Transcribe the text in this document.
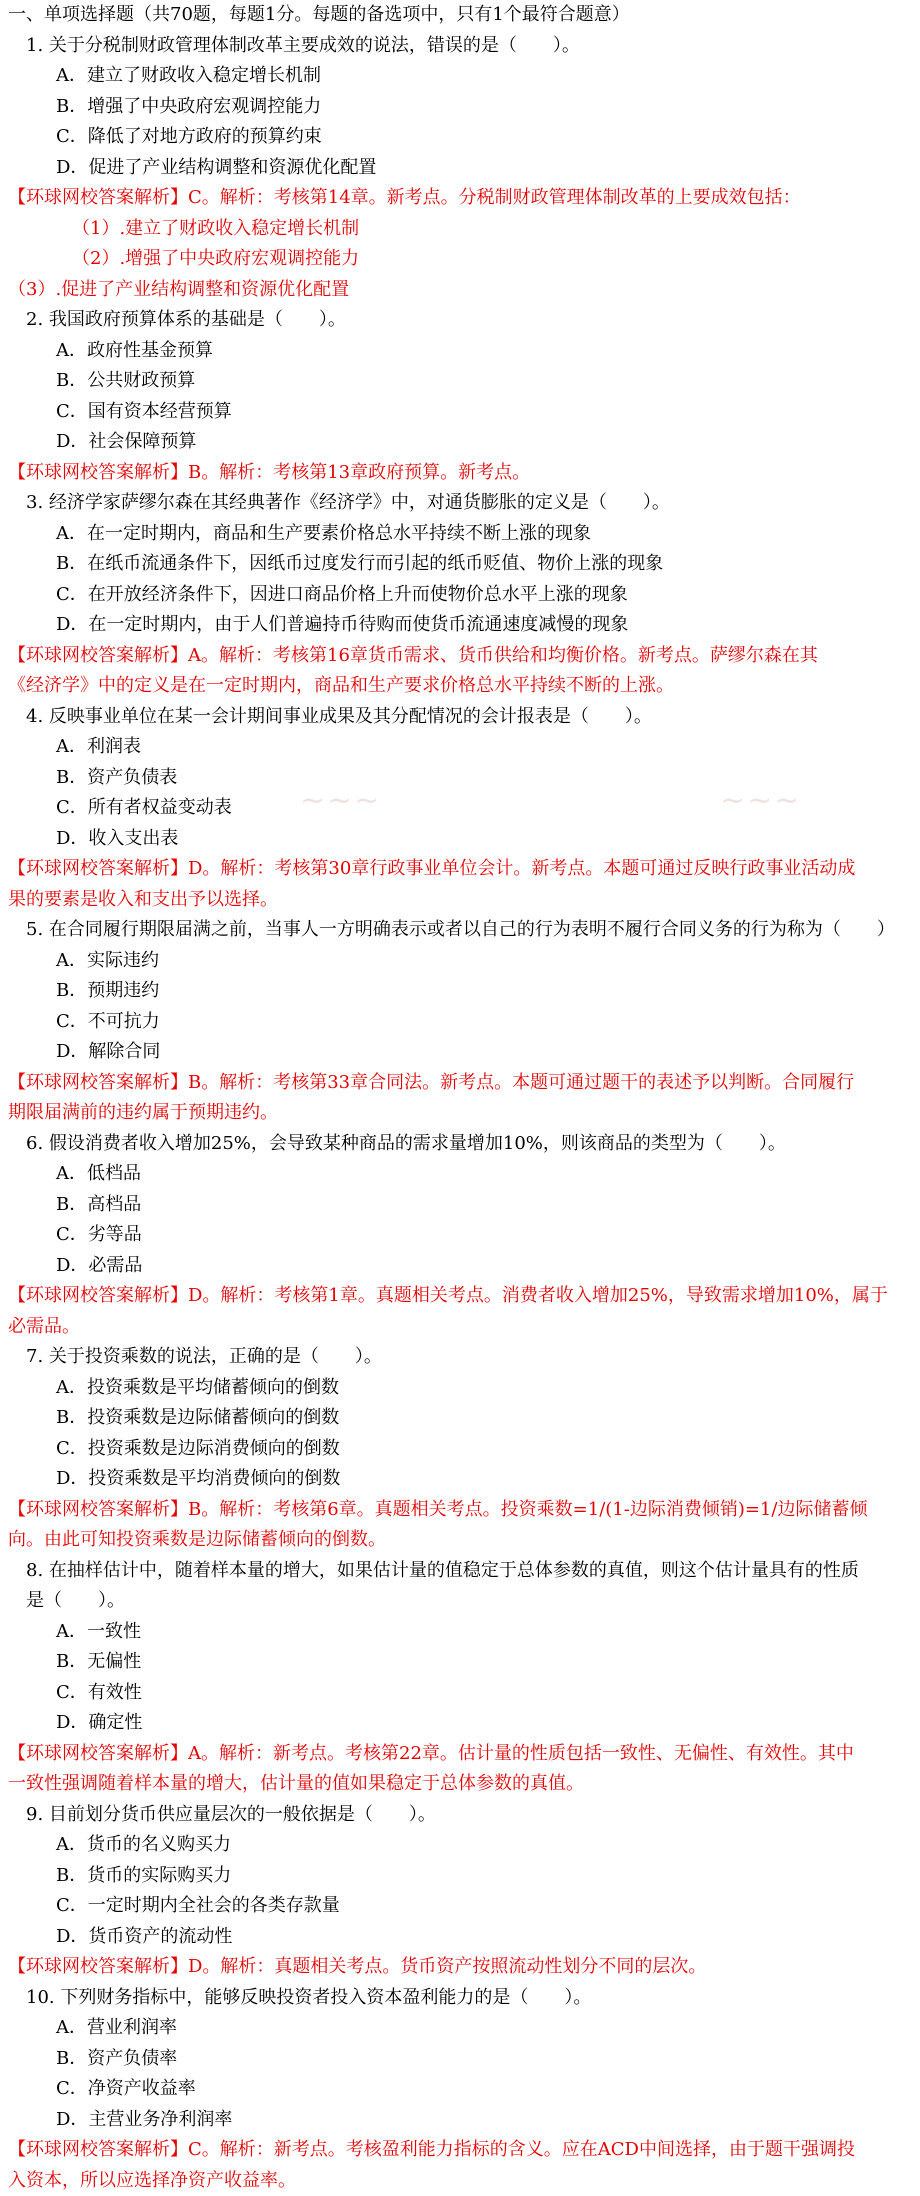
一、单项选择题（共70题，每题1分。每题的备选项中，只有1个最符合题意）
1. 关于分税制财政管理体制改革主要成效的说法，错误的是（　　）。
A．建立了财政收入稳定增长机制
B．增强了中央政府宏观调控能力
C．降低了对地方政府的预算约束
D．促进了产业结构调整和资源优化配置
【环球网校答案解析】C。解析：考核第14章。新考点。分税制财政管理体制改革的上要成效包括：
（1）.建立了财政收入稳定增长机制
（2）.增强了中央政府宏观调控能力
（3）.促进了产业结构调整和资源优化配置
2. 我国政府预算体系的基础是（　　）。
A．政府性基金预算
B．公共财政预算
C．国有资本经营预算
D．社会保障预算
【环球网校答案解析】B。解析：考核第13章政府预算。新考点。
3. 经济学家萨缪尔森在其经典著作《经济学》中，对通货膨胀的定义是（　　）。
A．在一定时期内，商品和生产要素价格总水平持续不断上涨的现象
B．在纸币流通条件下，因纸币过度发行而引起的纸币贬值、物价上涨的现象
C．在开放经济条件下，因进口商品价格上升而使物价总水平上涨的现象
D．在一定时期内，由于人们普遍持币待购而使货币流通速度减慢的现象
【环球网校答案解析】A。解析：考核第16章货币需求、货币供给和均衡价格。新考点。萨缪尔森在其
《经济学》中的定义是在一定时期内，商品和生产要求价格总水平持续不断的上涨。
4. 反映事业单位在某一会计期间事业成果及其分配情况的会计报表是（　　）。
A．利润表
B．资产负债表
C．所有者权益变动表
D．收入支出表
【环球网校答案解析】D。解析：考核第30章行政事业单位会计。新考点。本题可通过反映行政事业活动成
果的要素是收入和支出予以选择。
5. 在合同履行期限届满之前，当事人一方明确表示或者以自己的行为表明不履行合同义务的行为称为（　　）
A．实际违约
B．预期违约
C．不可抗力
D．解除合同
【环球网校答案解析】B。解析：考核第33章合同法。新考点。本题可通过题干的表述予以判断。合同履行
期限届满前的违约属于预期违约。
6. 假设消费者收入增加25%，会导致某种商品的需求量增加10%，则该商品的类型为（　　）。
A．低档品
B．高档品
C．劣等品
D．必需品
【环球网校答案解析】D。解析：考核第1章。真题相关考点。消费者收入增加25%，导致需求增加10%，属于
必需品。
7. 关于投资乘数的说法，正确的是（　　）。
A．投资乘数是平均储蓄倾向的倒数
B．投资乘数是边际储蓄倾向的倒数
C．投资乘数是边际消费倾向的倒数
D．投资乘数是平均消费倾向的倒数
【环球网校答案解析】B。解析：考核第6章。真题相关考点。投资乘数=1/(1-边际消费倾销)=1/边际储蓄倾
向。由此可知投资乘数是边际储蓄倾向的倒数。
8. 在抽样估计中，随着样本量的增大，如果估计量的值稳定于总体参数的真值，则这个估计量具有的性质
是（　　）。
A．一致性
B．无偏性
C．有效性
D．确定性
【环球网校答案解析】A。解析：新考点。考核第22章。估计量的性质包括一致性、无偏性、有效性。其中
一致性强调随着样本量的增大，估计量的值如果稳定于总体参数的真值。
9. 目前划分货币供应量层次的一般依据是（　　）。
A．货币的名义购买力
B．货币的实际购买力
C．一定时期内全社会的各类存款量
D．货币资产的流动性
【环球网校答案解析】D。解析：真题相关考点。货币资产按照流动性划分不同的层次。
10. 下列财务指标中，能够反映投资者投入资本盈利能力的是（　　）。
A．营业利润率
B．资产负债率
C．净资产收益率
D．主营业务净利润率
【环球网校答案解析】C。解析：新考点。考核盈利能力指标的含义。应在ACD中间选择，由于题干强调投
入资本，所以应选择净资产收益率。
~~~	~~~
